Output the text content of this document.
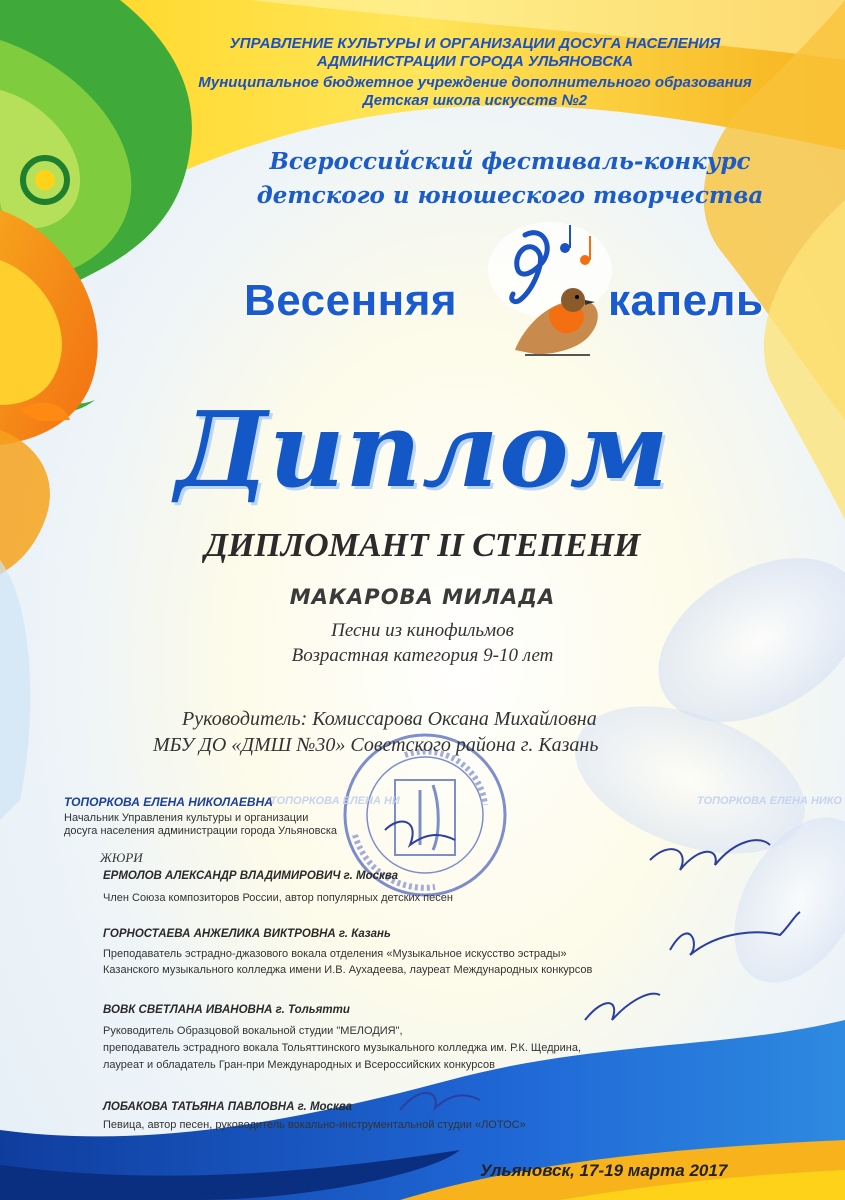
УПРАВЛЕНИЕ КУЛЬТУРЫ И ОРГАНИЗАЦИИ ДОСУГА НАСЕЛЕНИЯ
АДМИНИСТРАЦИИ ГОРОДА УЛЬЯНОВСКА
Муниципальное бюджетное учреждение дополнительного образования
Детская школа искусств №2
Всероссийский фестиваль-конкурс
детского и юношеского творчества
Весенняя	капель
Диплом
ДИПЛОМАНТ II СТЕПЕНИ
МАКАРОВА МИЛАДА
Песни из кинофильмов
Возрастная категория 9-10 лет
Руководитель: Комиссарова Оксана Михайловна
МБУ ДО «ДМШ №30» Советского района г. Казань
ТОПОРКОВА ЕЛЕНА НИ	ТОПОРКОВА ЕЛЕНА НИКО
ТОПОРКОВА ЕЛЕНА НИКОЛАЕВНА
Начальник Управления культуры и организации
досуга населения администрации города Ульяновска
ЖЮРИ
ЕРМОЛОВ АЛЕКСАНДР ВЛАДИМИРОВИЧ г. Москва
Член Союза композиторов России, автор популярных детских песен
ГОРНОСТАЕВА АНЖЕЛИКА ВИКТРОВНА г. Казань
Преподаватель эстрадно-джазового вокала отделения «Музыкальное искусство эстрады»
Казанского музыкального колледжа имени И.В. Аухадеева, лауреат Международных конкурсов
ВОВК СВЕТЛАНА ИВАНОВНА г. Тольятти
Руководитель Образцовой вокальной студии "МЕЛОДИЯ",
преподаватель эстрадного вокала Тольяттинского музыкального колледжа им. Р.К. Щедрина,
лауреат и обладатель Гран-при Международных и Всероссийских конкурсов
ЛОБАКОВА ТАТЬЯНА ПАВЛОВНА г. Москва
Певица, автор песен, руководитель вокально-инструментальной студии «ЛОТОС»
Ульяновск, 17-19 марта 2017
